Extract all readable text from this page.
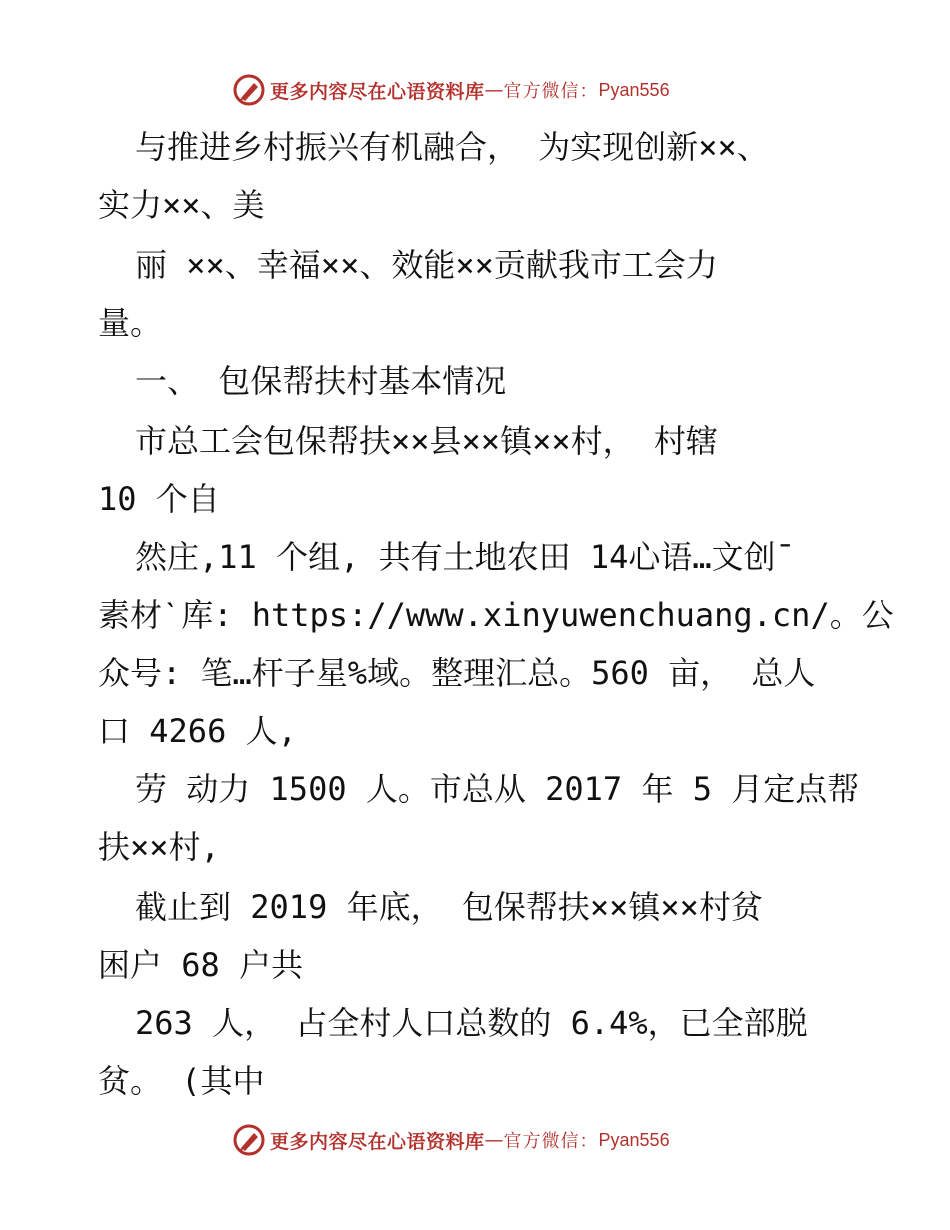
更多内容尽在心语资料库 — 官方微信： Pyan556
与推进乡村振兴有机融合， 为实现创新××、
实力××、美
丽 ××、幸福××、效能××贡献我市工会力
量。
一、 包保帮扶村基本情况
市总工会包保帮扶××县××镇××村， 村辖
10 个自
然庄,11 个组, 共有土地农田 14心语…文创¯
素材ˋ库: https://www.xinyuwenchuang.cn/。公
众号: 笔…杆子星%域。整理汇总。560 亩， 总人
口 4266 人,
劳 动力 1500 人。市总从 2017 年 5 月定点帮
扶××村,
截止到 2019 年底， 包保帮扶××镇××村贫
困户 68 户共
263 人， 占全村人口总数的 6.4%，已全部脱
贫。 (其中
更多内容尽在心语资料库 — 官方微信： Pyan556
